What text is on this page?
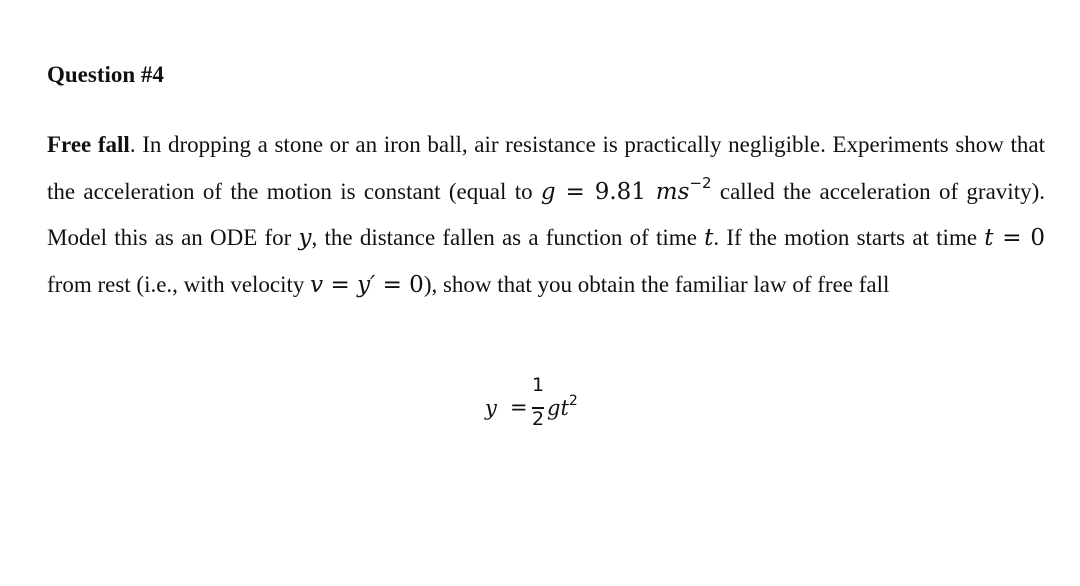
Question #4

Free fall. In dropping a stone or an iron ball, air resistance is practically negligible. Experiments show that the acceleration of the motion is constant (equal to g = 9.81 $ms^{-2}$ called the acceleration of gravity). Model this as an ODE for y, the distance fallen as a function of time t. If the motion starts at time t = 0 from rest (i.e., with velocity v = y′ = 0), show that you obtain the familiar law of free fall

y =
1
2 $gt^2$
